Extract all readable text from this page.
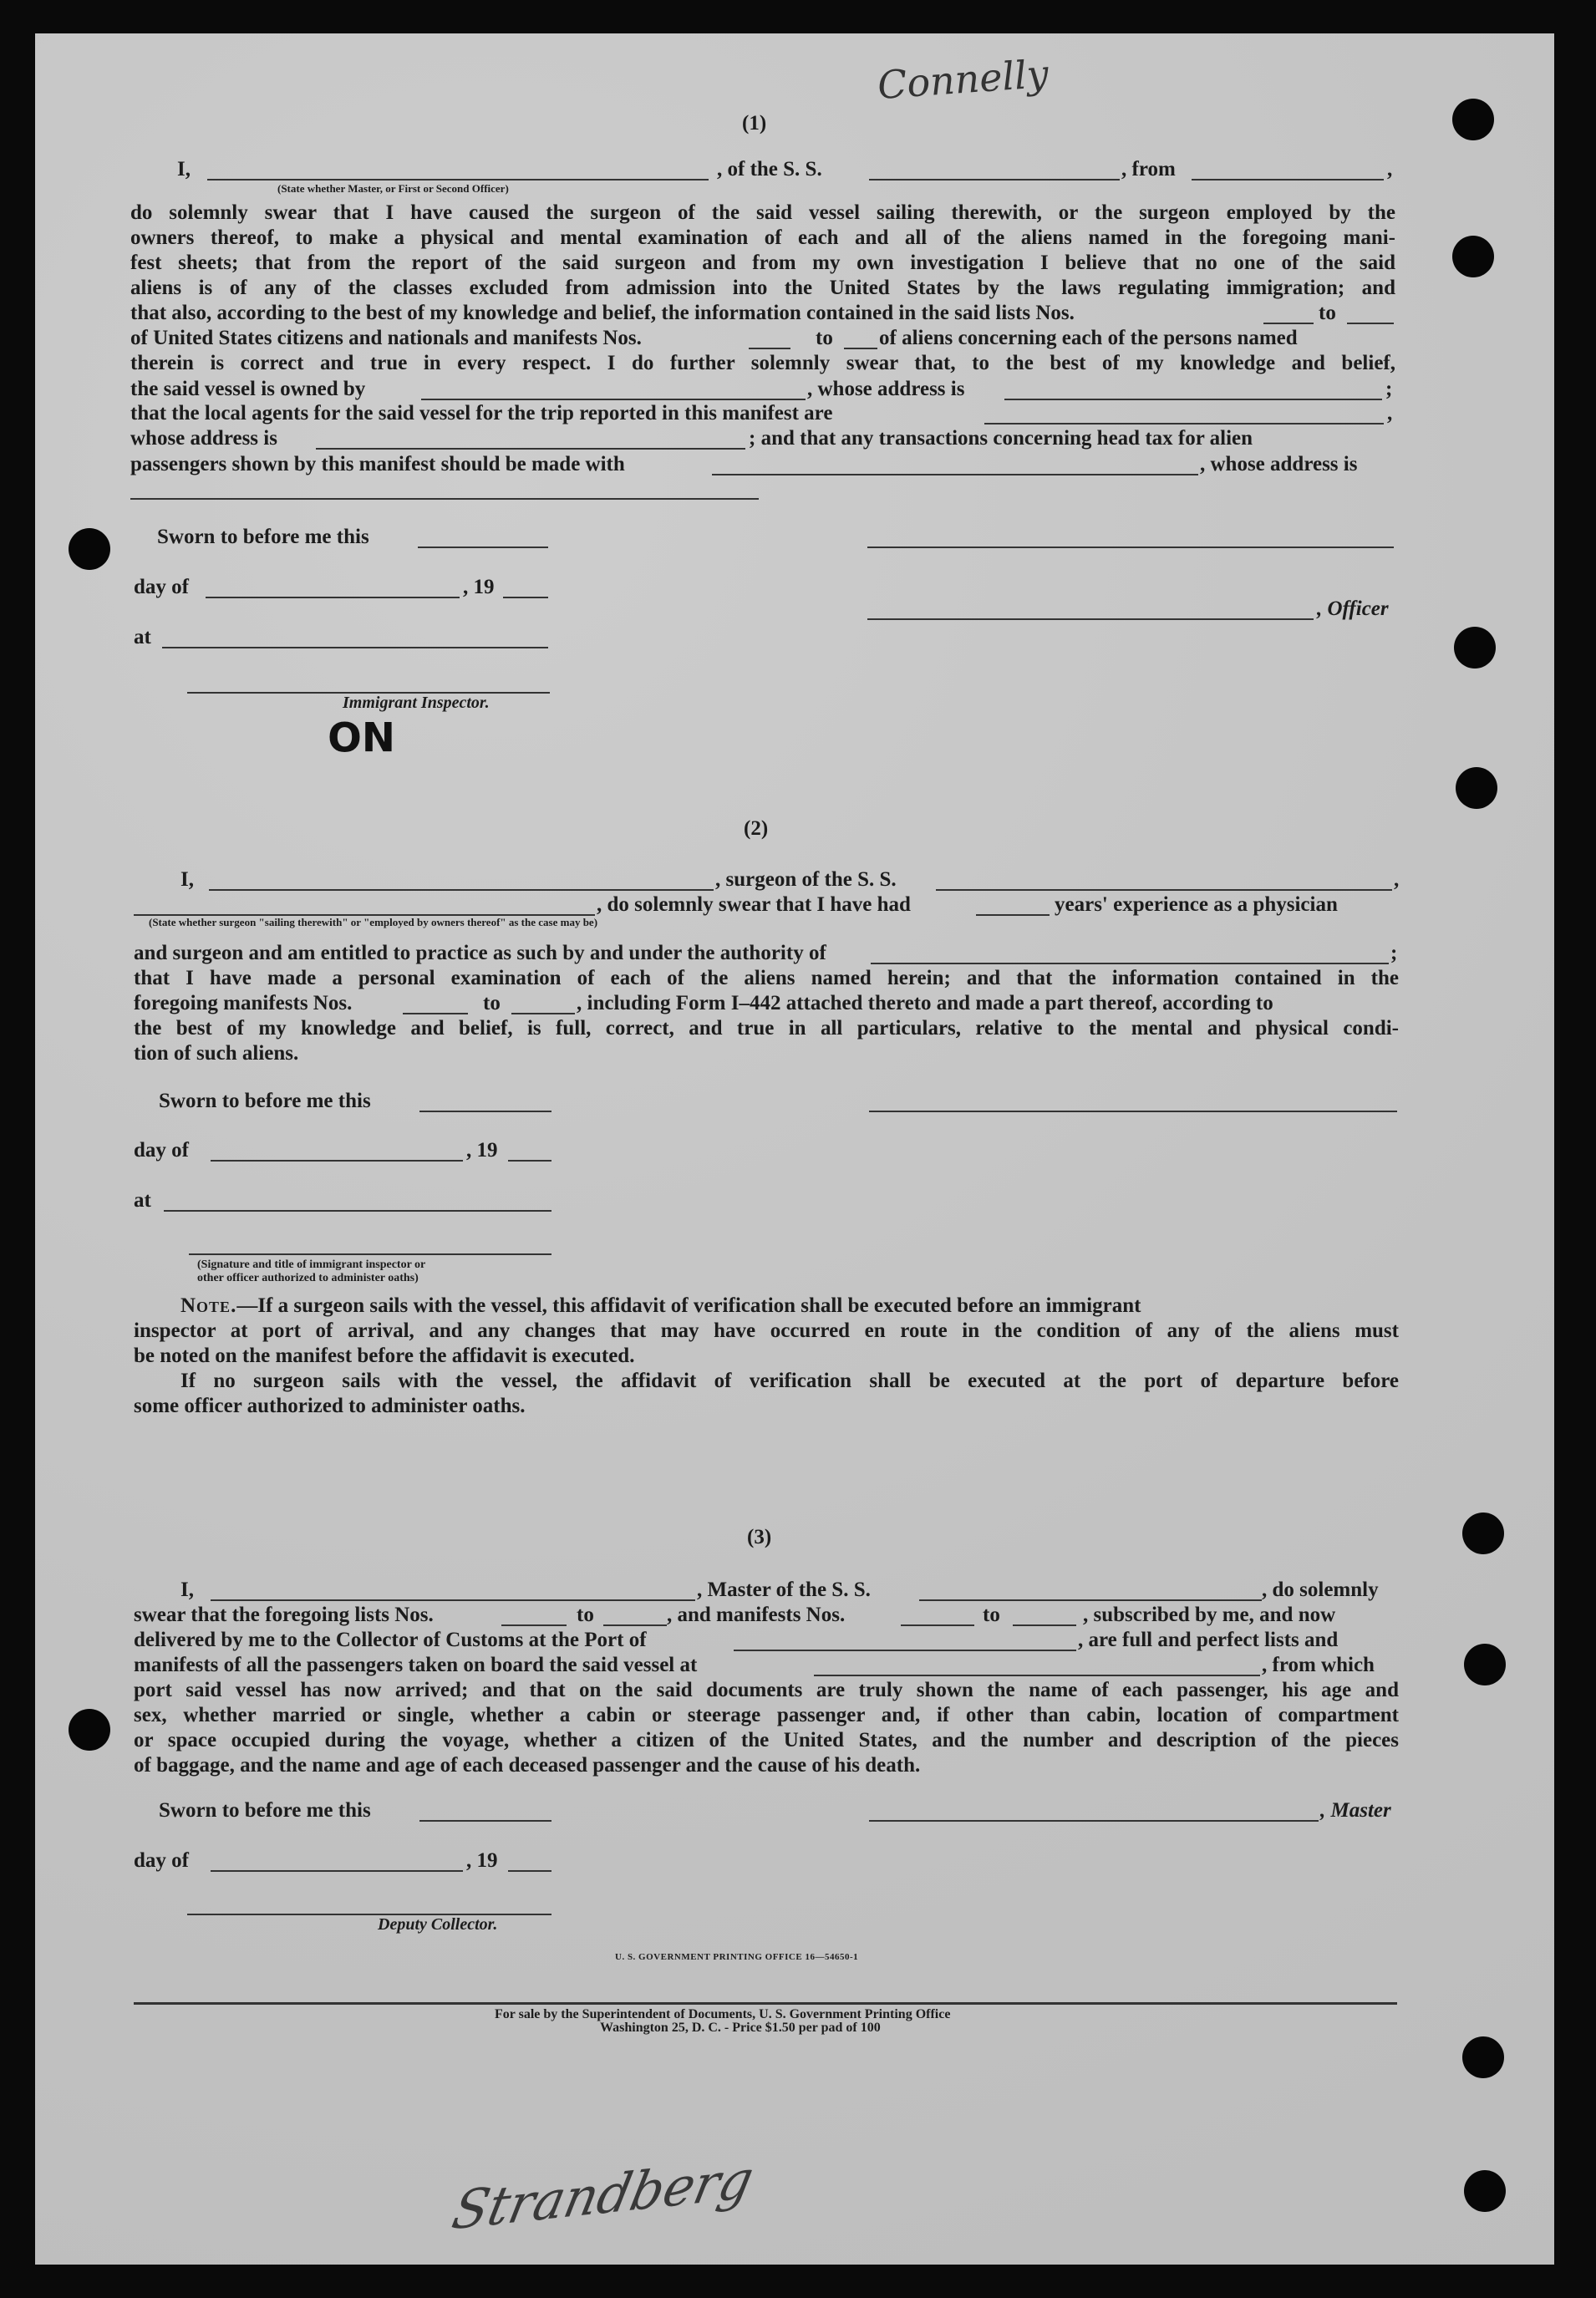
Connelly
(1)
I,	, of the S. S.	, from	,
(State whether Master, or First or Second Officer)
do solemnly swear that I have caused the surgeon of the said vessel sailing therewith, or the surgeon employed by the
owners thereof, to make a physical and mental examination of each and all of the aliens named in the foregoing mani-
fest sheets; that from the report of the said surgeon and from my own investigation I believe that no one of the said
aliens is of any of the classes excluded from admission into the United States by the laws regulating immigration; and
that also, according to the best of my knowledge and belief, the information contained in the said lists Nos.	to
of United States citizens and nationals and manifests Nos.	to of aliens concerning each of the persons named
therein is correct and true in every respect. I do further solemnly swear that, to the best of my knowledge and belief,
the said vessel is owned by	, whose address is	;
that the local agents for the said vessel for the trip reported in this manifest are	,
whose address is	; and that any transactions concerning head tax for alien
passengers shown by this manifest should be made with	, whose address is
Sworn to before me this
day of	, 19
, Officer
at
Immigrant Inspector.
NO
(2)
I,	, surgeon of the S. S.	,
, do solemnly swear that I have had	years' experience as a physician
(State whether surgeon "sailing therewith" or "employed by owners thereof" as the case may be)
and surgeon and am entitled to practice as such by and under the authority of	;
that I have made a personal examination of each of the aliens named herein; and that the information contained in the
foregoing manifests Nos.	to	, including Form I–442 attached thereto and made a part thereof, according to
the best of my knowledge and belief, is full, correct, and true in all particulars, relative to the mental and physical condi-
tion of such aliens.
Sworn to before me this
day of	, 19
at
(Signature and title of immigrant inspector or
other officer authorized to administer oaths)
Note.—If a surgeon sails with the vessel, this affidavit of verification shall be executed before an immigrant
inspector at port of arrival, and any changes that may have occurred en route in the condition of any of the aliens must
be noted on the manifest before the affidavit is executed.
If no surgeon sails with the vessel, the affidavit of verification shall be executed at the port of departure before
some officer authorized to administer oaths.
(3)
I,	, Master of the S. S.	, do solemnly
swear that the foregoing lists Nos.	to	, and manifests Nos.	to	, subscribed by me, and now
delivered by me to the Collector of Customs at the Port of	, are full and perfect lists and
manifests of all the passengers taken on board the said vessel at	, from which
port said vessel has now arrived; and that on the said documents are truly shown the name of each passenger, his age and
sex, whether married or single, whether a cabin or steerage passenger and, if other than cabin, location of compartment
or space occupied during the voyage, whether a citizen of the United States, and the number and description of the pieces
of baggage, and the name and age of each deceased passenger and the cause of his death.
Sworn to before me this	, Master
day of	, 19
Deputy Collector.
U. S. GOVERNMENT PRINTING OFFICE 16—54650-1
For sale by the Superintendent of Documents, U. S. Government Printing Office
Washington 25, D. C. - Price $1.50 per pad of 100
Strandberg
